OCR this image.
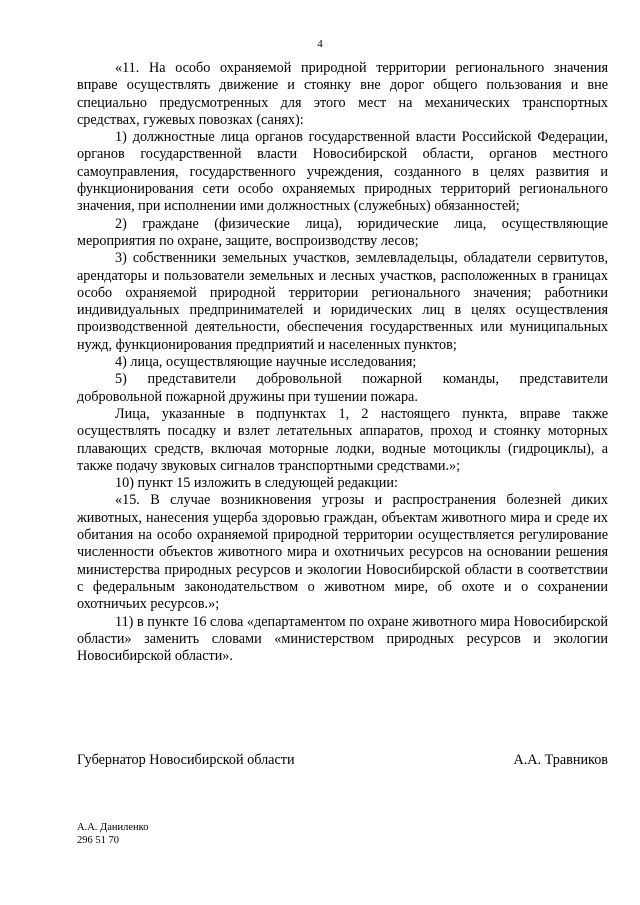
4

«11. На особо охраняемой природной территории регионального значения вправе осуществлять движение и стоянку вне дорог общего пользования и вне специально предусмотренных для этого мест на механических транспортных средствах, гужевых повозках (санях):

1) должностные лица органов государственной власти Российской Федерации, органов государственной власти Новосибирской области, органов местного самоуправления, государственного учреждения, созданного в целях развития и функционирования сети особо охраняемых природных территорий регионального значения, при исполнении ими должностных (служебных) обязанностей;

2) граждане (физические лица), юридические лица, осуществляющие мероприятия по охране, защите, воспроизводству лесов;

3) собственники земельных участков, землевладельцы, обладатели сервитутов, арендаторы и пользователи земельных и лесных участков, расположенных в границах особо охраняемой природной территории регионального значения; работники индивидуальных предпринимателей и юридических лиц в целях осуществления производственной деятельности, обеспечения государственных или муниципальных нужд, функционирования предприятий и населенных пунктов;

4) лица, осуществляющие научные исследования;

5) представители добровольной пожарной команды, представители добровольной пожарной дружины при тушении пожара.

Лица, указанные в подпунктах 1, 2 настоящего пункта, вправе также осуществлять посадку и взлет летательных аппаратов, проход и стоянку моторных плавающих средств, включая моторные лодки, водные мотоциклы (гидроциклы), а также подачу звуковых сигналов транспортными средствами.»;

10) пункт 15 изложить в следующей редакции:

«15. В случае возникновения угрозы и распространения болезней диких животных, нанесения ущерба здоровью граждан, объектам животного мира и среде их обитания на особо охраняемой природной территории осуществляется регулирование численности объектов животного мира и охотничьих ресурсов на основании решения министерства природных ресурсов и экологии Новосибирской области в соответствии с федеральным законодательством о животном мире, об охоте и о сохранении охотничьих ресурсов.»;

11) в пункте 16 слова «департаментом по охране животного мира Новосибирской области» заменить словами «министерством природных ресурсов и экологии Новосибирской области».

Губернатор Новосибирской области	А.А. Травников
А.А. Даниленко
296 51 70
